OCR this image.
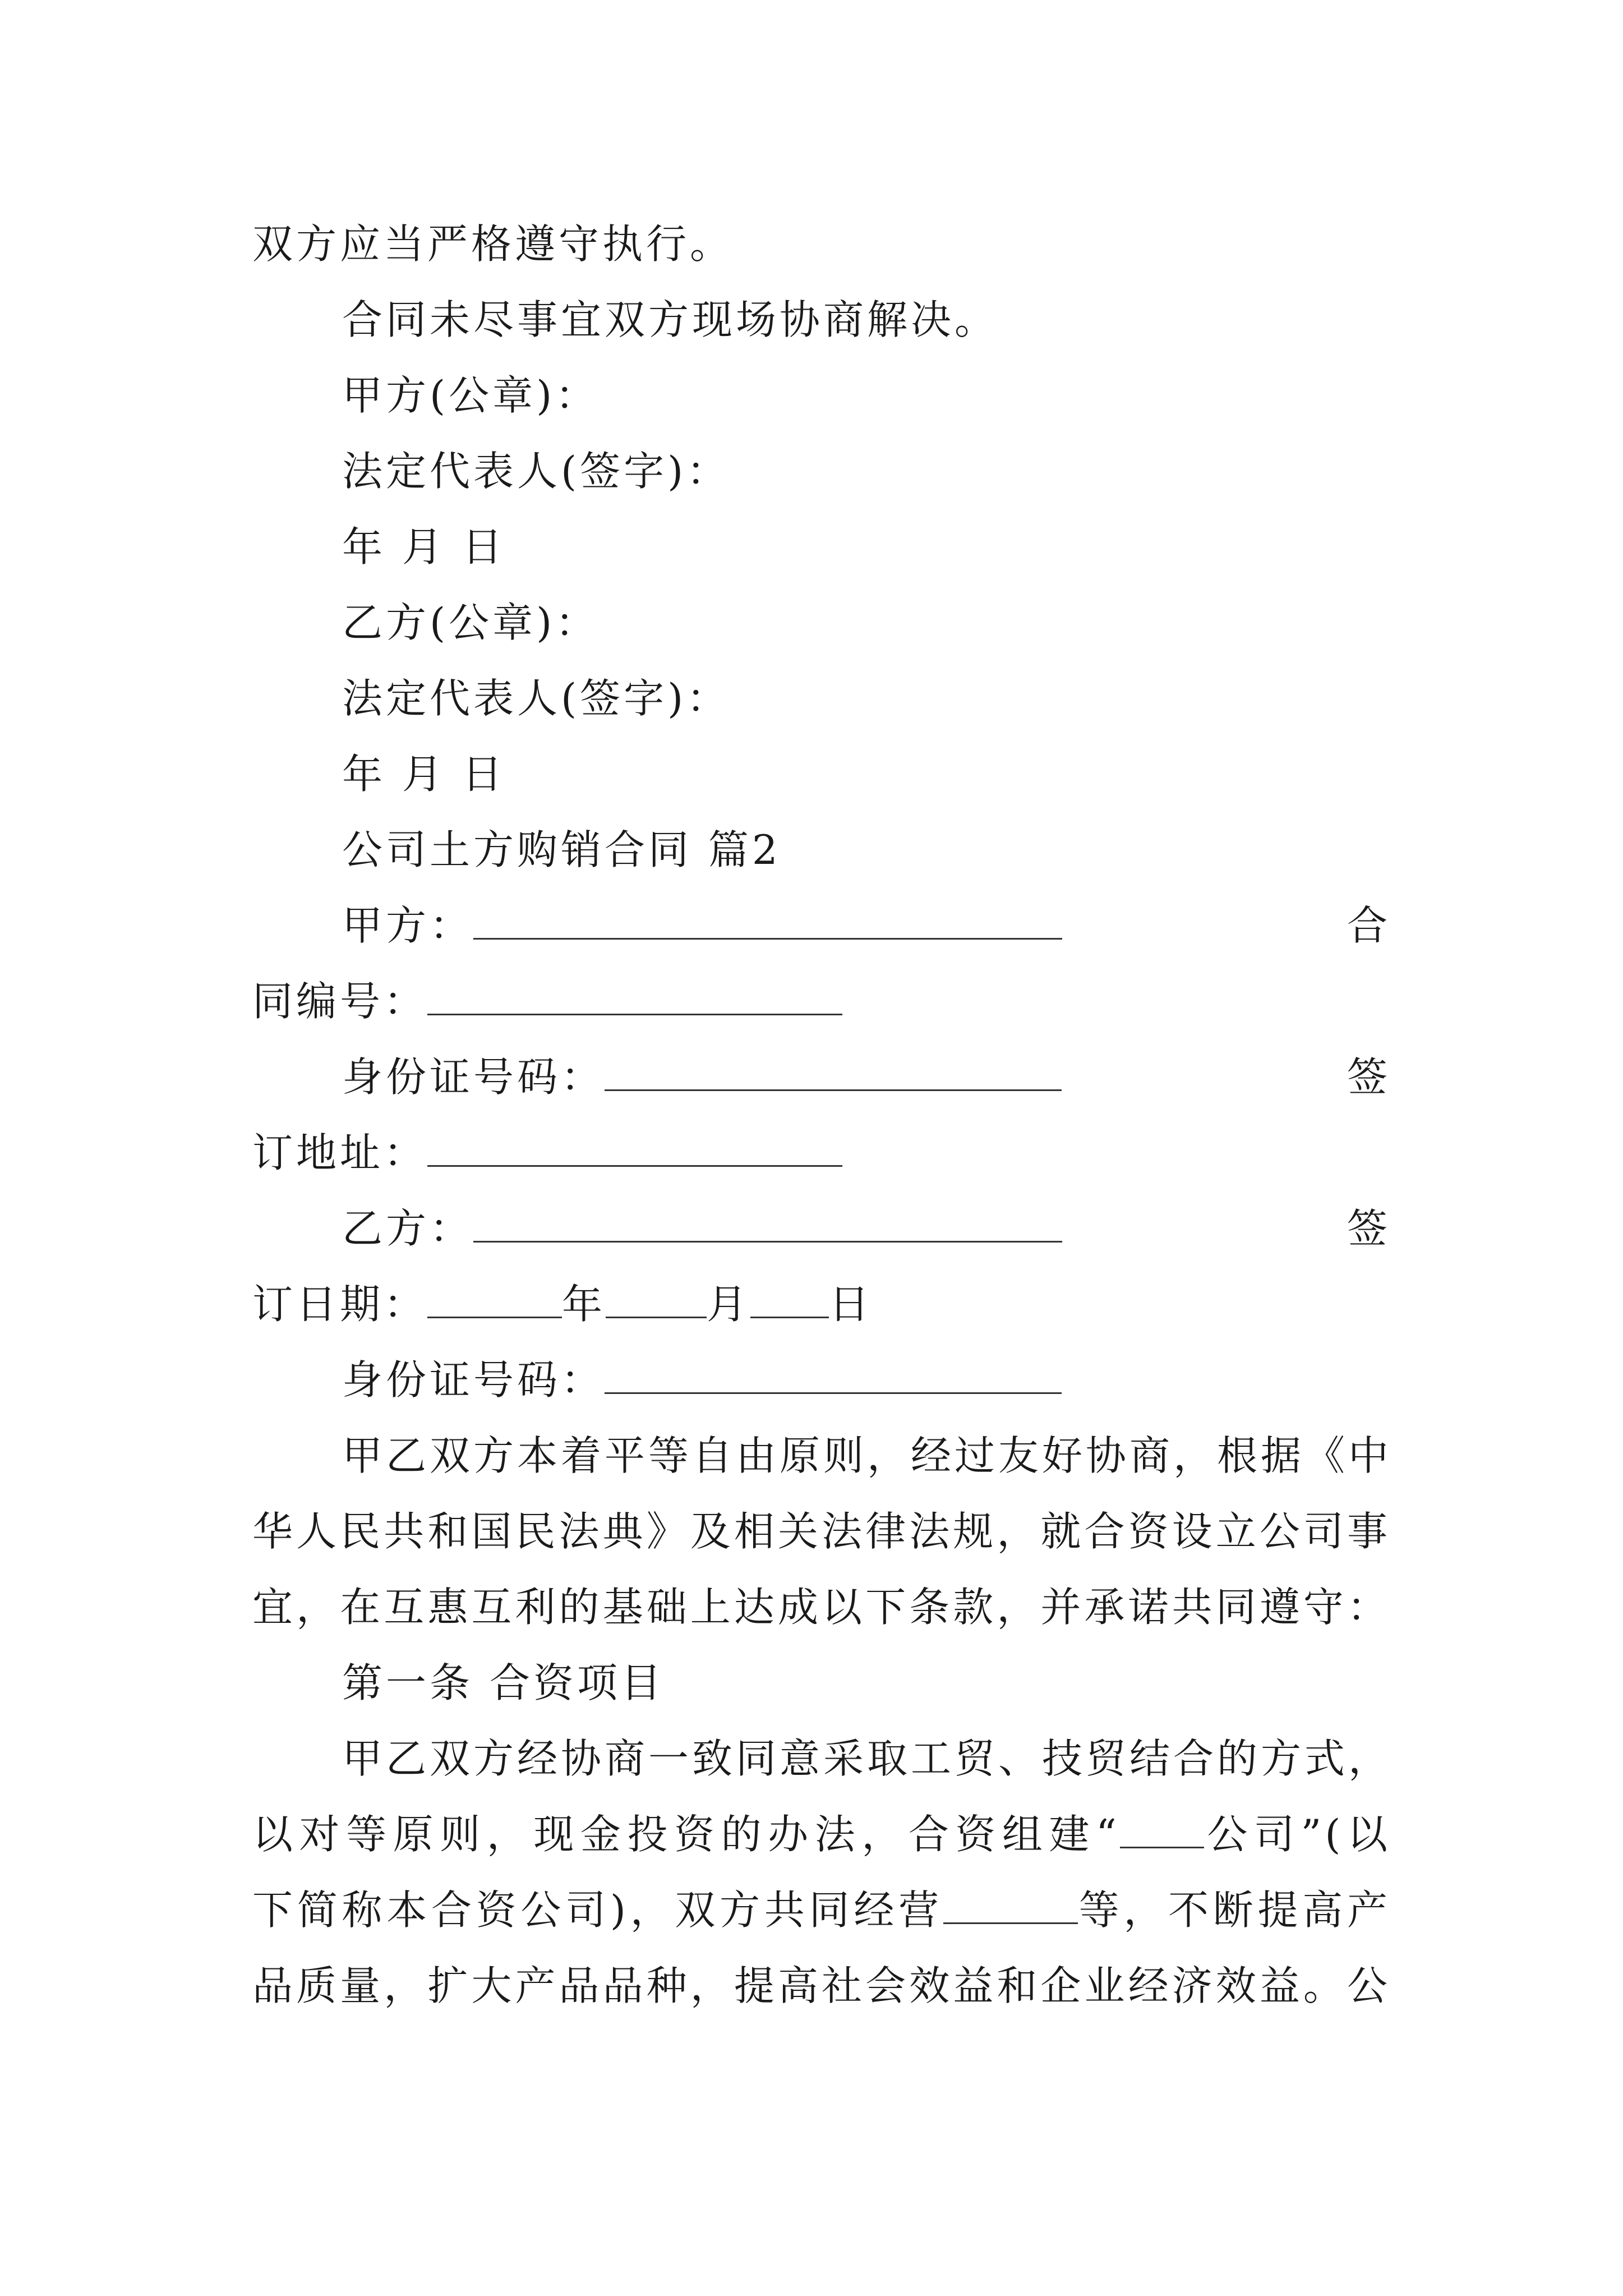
双方应当严格遵守执行。
合同未尽事宜双方现场协商解决。
甲方(公章)：
法定代表人(签字)：
年 月 日
乙方(公章)：
法定代表人(签字)：
年 月 日
公司土方购销合同 篇2
甲方：	合
同编号：
身份证号码：	签
订地址：
乙方：	签
订日期：	年	月 日
身份证号码：
甲乙双方本着平等自由原则，经过友好协商，根据《中
华人民共和国民法典》及相关法律法规，就合资设立公司事
宜，在互惠互利的基础上达成以下条款，并承诺共同遵守：
第一条 合资项目
甲乙双方经协商一致同意采取工贸、技贸结合的方式，
以对等原则，现金投资的办法，合资组建“ 公司”(以
下简称本合资公司)，双方共同经营	等，不断提高产
品质量，扩大产品品种，提高社会效益和企业经济效益。公
